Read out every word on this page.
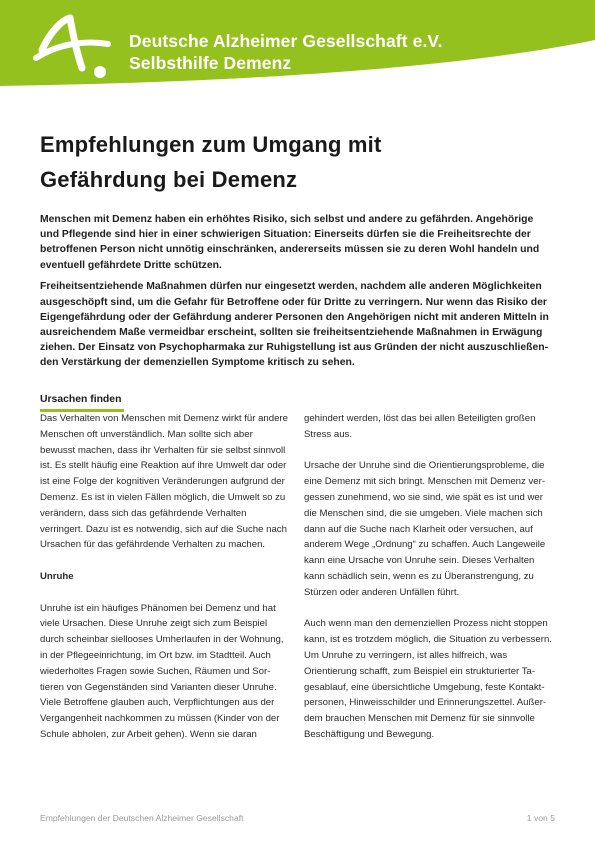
Deutsche Alzheimer Gesellschaft e.V.
Selbsthilfe Demenz
Empfehlungen zum Umgang mit
Gefährdung bei Demenz

Menschen mit Demenz haben ein erhöhtes Risiko, sich selbst und andere zu gefährden. Angehörige und Pflegende sind hier in einer schwierigen Situation: Einerseits dürfen sie die Freiheitsrechte der betroffenen Person nicht unnötig einschränken, andererseits müssen sie zu deren Wohl handeln und eventuell gefährdete Dritte schützen.

Freiheitsentziehende Maßnahmen dürfen nur eingesetzt werden, nachdem alle anderen Möglichkeiten ausgeschöpft sind, um die Gefahr für Betroffene oder für Dritte zu verringern. Nur wenn das Risiko der Eigengefährdung oder der Gefährdung anderer Personen den Angehörigen nicht mit anderen Mitteln in ausreichendem Maße vermeidbar erscheint, sollten sie freiheitsentziehende Maßnahmen in Erwägung ziehen. Der Einsatz von Psychopharmaka zur Ruhigstellung ist aus Gründen der nicht auszuschließenden Verstärkung der demenziellen Symptome kritisch zu sehen.

Ursachen finden

Das Verhalten von Menschen mit Demenz wirkt für andere Menschen oft unverständlich. Man sollte sich aber bewusst machen, dass ihr Verhalten für sie selbst sinnvoll ist. Es stellt häufig eine Reaktion auf ihre Umwelt dar oder ist eine Folge der kognitiven Veränderungen aufgrund der Demenz. Es ist in vielen Fällen möglich, die Umwelt so zu verändern, dass sich das gefährdende Verhalten verringert. Dazu ist es notwendig, sich auf die Suche nach Ursachen für das gefährdende Verhalten zu machen.

Unruhe

Unruhe ist ein häufiges Phänomen bei Demenz und hat viele Ursachen. Diese Unruhe zeigt sich zum Beispiel durch scheinbar siellooses Umherlaufen in der Wohnung, in der Pflegeeinrichtung, im Ort bzw. im Stadtteil. Auch wiederholtes Fragen sowie Suchen, Räumen und Sortieren von Gegenständen sind Varianten dieser Unruhe. Viele Betroffene glauben auch, Verpflichtungen aus der Vergangenheit nachkommen zu müssen (Kinder von der Schule abholen, zur Arbeit gehen). Wenn sie daran

gehindert werden, löst das bei allen Beteiligten großen Stress aus.

Ursache der Unruhe sind die Orientierungsprobleme, die eine Demenz mit sich bringt. Menschen mit Demenz vergessen zunehmend, wo sie sind, wie spät es ist und wer die Menschen sind, die sie umgeben. Viele machen sich dann auf die Suche nach Klarheit oder versuchen, auf anderem Wege „Ordnung“ zu schaffen. Auch Langeweile kann eine Ursache von Unruhe sein. Dieses Verhalten kann schädlich sein, wenn es zu Überanstrengung, zu Stürzen oder anderen Unfällen führt.

Auch wenn man den demenziellen Prozess nicht stoppen kann, ist es trotzdem möglich, die Situation zu verbessern. Um Unruhe zu verringern, ist alles hilfreich, was Orientierung schafft, zum Beispiel ein strukturierter Tagesablauf, eine übersichtliche Umgebung, feste Kontaktpersonen, Hinweisschilder und Erinnerungszettel. Außerdem brauchen Menschen mit Demenz für sie sinnvolle Beschäftigung und Bewegung.

Empfehlungen der Deutschen Alzheimer Gesellschaft	1 von 5
